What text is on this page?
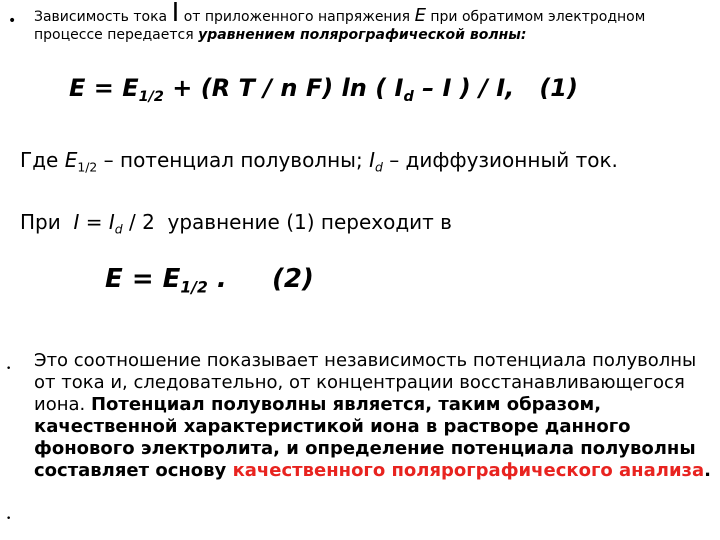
•
•
•
Зависимость тока I от приложенного напряжения E при обратимом электродном процессе передается уравнением полярографической волны:
$E = E_{1/2} + (R$ T / n F) ln ( $I_d$ – I ) / I,   (1)
Где $E_{1/2}$ – потенциал полуволны; $I_d$ – диффузионный ток.
При  $I = I_d / 2$  уравнение (1) переходит в
$E = E_{1/2}$ .     (2)
Это соотношение показывает независимость потенциала полуволны от тока и, следовательно, от концентрации восстанавливающегося иона. Потенциал полуволны является, таким образом, качественной характеристикой иона в растворе данного фонового электролита, и определение потенциала полуволны составляет основу качественного полярографического анализа.
